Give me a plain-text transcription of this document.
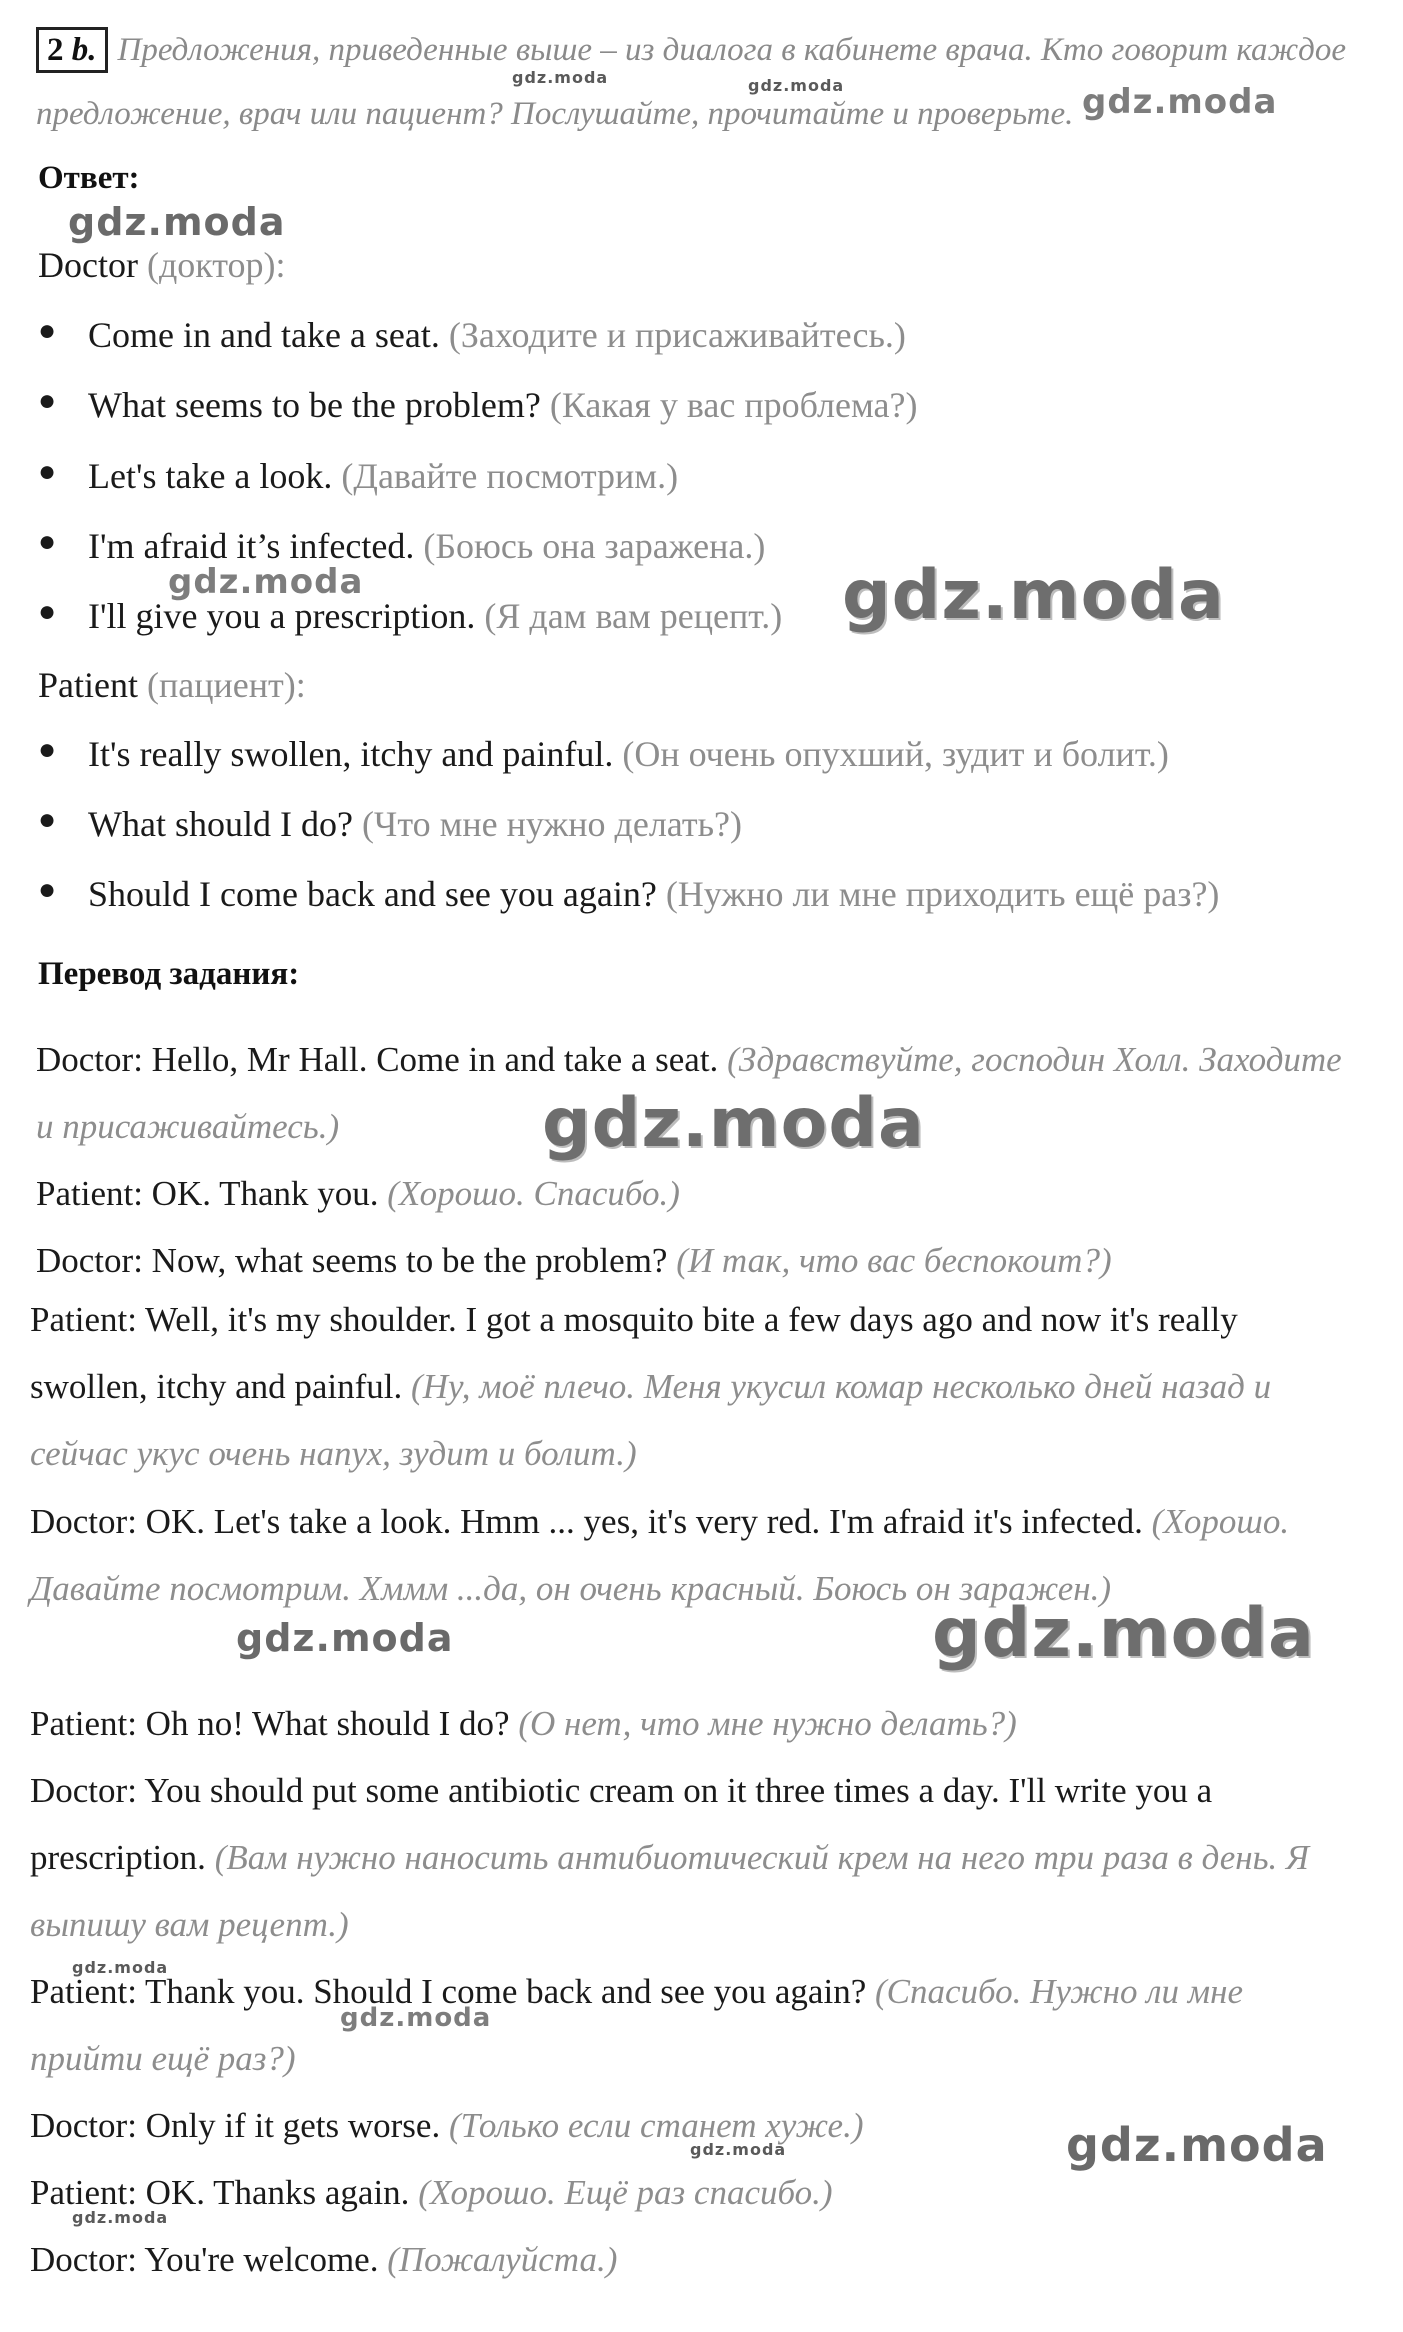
2 b. Предложения, приведенные выше – из диалога в кабинете врача. Кто говорит каждое предложение, врач или пациент? Послушайте, прочитайте и проверьте.
Ответ:
Doctor (доктор):
● Come in and take a seat. (Заходите и присаживайтесь.)
● What seems to be the problem? (Какая у вас проблема?)
● Let's take a look. (Давайте посмотрим.)
● I'm afraid it’s infected. (Боюсь она заражена.)
● I'll give you a prescription. (Я дам вам рецепт.)
Patient (пациент):
● It's really swollen, itchy and painful. (Он очень опухший, зудит и болит.)
● What should I do? (Что мне нужно делать?)
● Should I come back and see you again? (Нужно ли мне приходить ещё раз?)
Перевод задания:
Doctor: Hello, Mr Hall. Come in and take a seat. (Здравствуйте, господин Холл. Заходите и присаживайтесь.)
Patient: OK. Thank you. (Хорошо. Спасибо.)
Doctor: Now, what seems to be the problem? (И так, что вас беспокоит?)
Patient: Well, it's my shoulder. I got a mosquito bite a few days ago and now it's really swollen, itchy and painful. (Ну, моё плечо. Меня укусил комар несколько дней назад и сейчас укус очень напух, зудит и болит.)
Doctor: OK. Let's take a look. Hmm ... yes, it's very red. I'm afraid it's infected. (Хорошо. Давайте посмотрим. Хммм ...да, он очень красный. Боюсь он заражен.)
Patient: Oh no! What should I do? (О нет, что мне нужно делать?)
Doctor: You should put some antibiotic cream on it three times a day. I'll write you a prescription. (Вам нужно наносить антибиотический крем на него три раза в день. Я выпишу вам рецепт.)
Patient: Thank you. Should I come back and see you again? (Спасибо. Нужно ли мне прийти ещё раз?)
Doctor: Only if it gets worse. (Только если станет хуже.)
Patient: OK. Thanks again. (Хорошо. Ещё раз спасибо.)
Doctor: You're welcome. (Пожалуйста.)
gdz.moda	gdz.moda	gdz.moda
gdz.moda
gdz.moda	gdz.moda
gdz.moda
gdz.moda	gdz.moda
gdz.moda
gdz.moda
gdz.moda
gdz.moda
gdz.moda
